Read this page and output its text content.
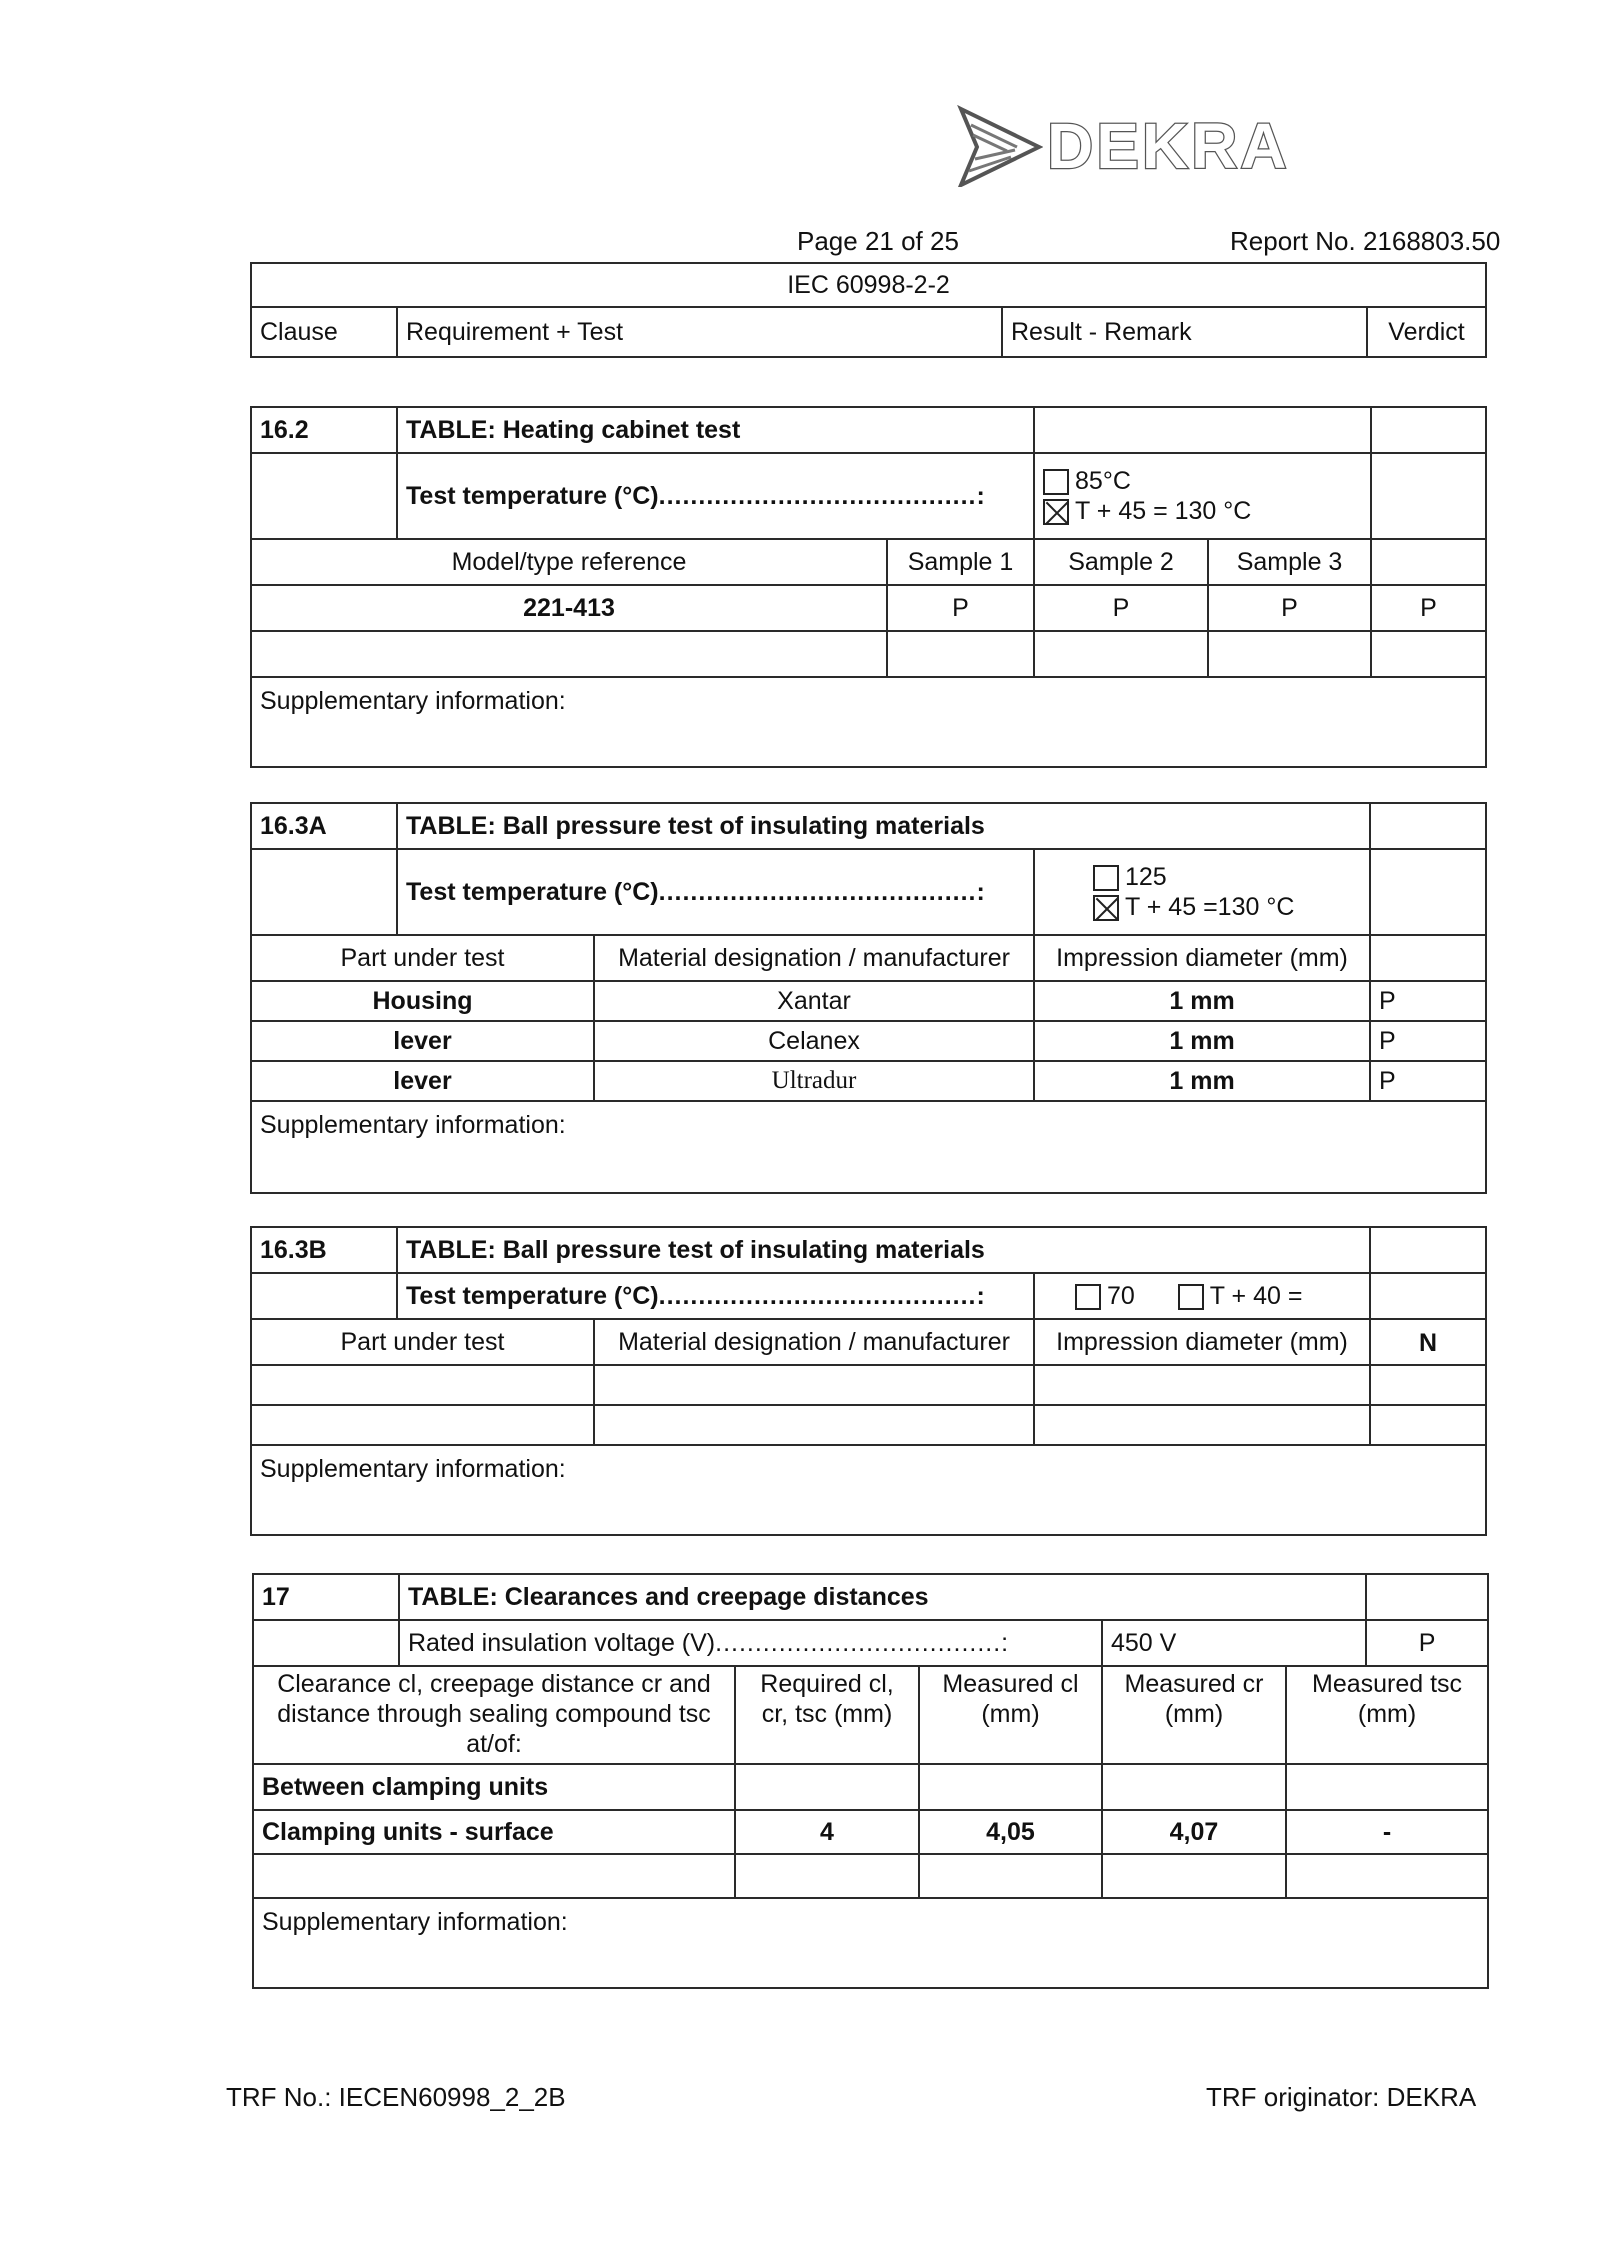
DEKRA
Page 21 of 25	Report No. 2168803.50
IEC 60998-2-2
Clause	Requirement + Test	Result - Remark	Verdict
16.2	TABLE: Heating cabinet test				
	Test temperature (°C)........................................:		85°C
T + 45 = 130 °C		

Model/type reference		Sample 1	Sample 2	Sample 3	
221-413		P	P	P	P

Supplementary information:					
16.3A	TABLE: Ball pressure test of insulating materials			
	Test temperature (°C)........................................:		125
T + 45 =130 °C	

Part under test		Material designation / manufacturer	Impression diameter (mm)	
Housing		Xantar	1 mm	P
lever		Celanex	1 mm	P
lever		Ultradur	1 mm	P
Supplementary information:				
16.3B	TABLE: Ball pressure test of insulating materials			
	Test temperature (°C)........................................:		70 T + 40 =	
Part under test		Material designation / manufacturer	Impression diameter (mm)	N

Supplementary information:				
17	TABLE: Clearances and creepage distances					
	Rated insulation voltage (V)....................................:			450 V		P
Clearance cl, creepage distance cr and distance through sealing compound tsc at/of:		Required cl, cr, tsc (mm)	Measured cl (mm)	Measured cr (mm)	Measured tsc (mm)	
Between clamping units						
Clamping units - surface		4	4,05	4,07	-	

Supplementary information:						
TRF No.: IECEN60998_2_2B	TRF originator: DEKRA
